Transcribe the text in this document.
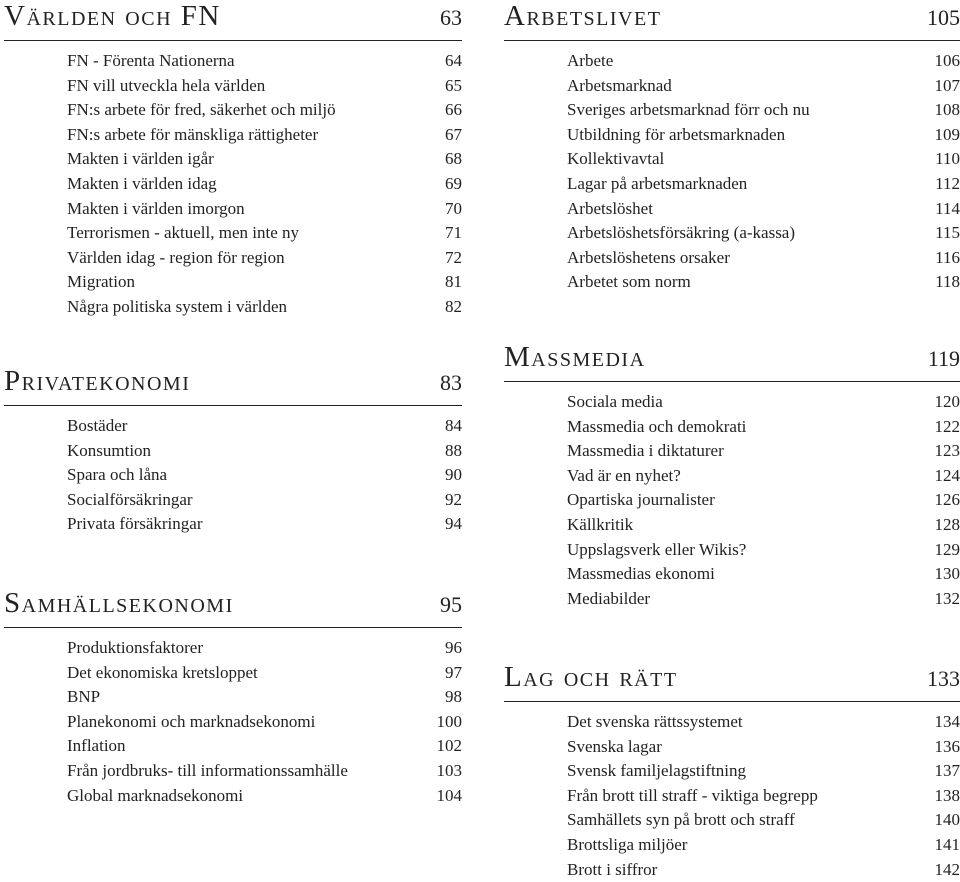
Världen och FN	63
FN - Förenta Nationerna	64
FN vill utveckla hela världen	65
FN:s arbete för fred, säkerhet och miljö	66
FN:s arbete för mänskliga rättigheter	67
Makten i världen igår	68
Makten i världen idag	69
Makten i världen imorgon	70
Terrorismen - aktuell, men inte ny	71
Världen idag - region för region	72
Migration	81
Några politiska system i världen	82
Privatekonomi	83
Bostäder	84
Konsumtion	88
Spara och låna	90
Socialförsäkringar	92
Privata försäkringar	94
Samhällsekonomi	95
Produktionsfaktorer	96
Det ekonomiska kretsloppet	97
BNP	98
Planekonomi och marknadsekonomi	100
Inflation	102
Från jordbruks- till informationssamhälle	103
Global marknadsekonomi	104
Arbetslivet	105
Arbete	106
Arbetsmarknad	107
Sveriges arbetsmarknad förr och nu	108
Utbildning för arbetsmarknaden	109
Kollektivavtal	110
Lagar på arbetsmarknaden	112
Arbetslöshet	114
Arbetslöshetsförsäkring (a-kassa)	115
Arbetslöshetens orsaker	116
Arbetet som norm	118
Massmedia	119
Sociala media	120
Massmedia och demokrati	122
Massmedia i diktaturer	123
Vad är en nyhet?	124
Opartiska journalister	126
Källkritik	128
Uppslagsverk eller Wikis?	129
Massmedias ekonomi	130
Mediabilder	132
Lag och rätt	133
Det svenska rättssystemet	134
Svenska lagar	136
Svensk familjelagstiftning	137
Från brott till straff - viktiga begrepp	138
Samhällets syn på brott och straff	140
Brottsliga miljöer	141
Brott i siffror	142
